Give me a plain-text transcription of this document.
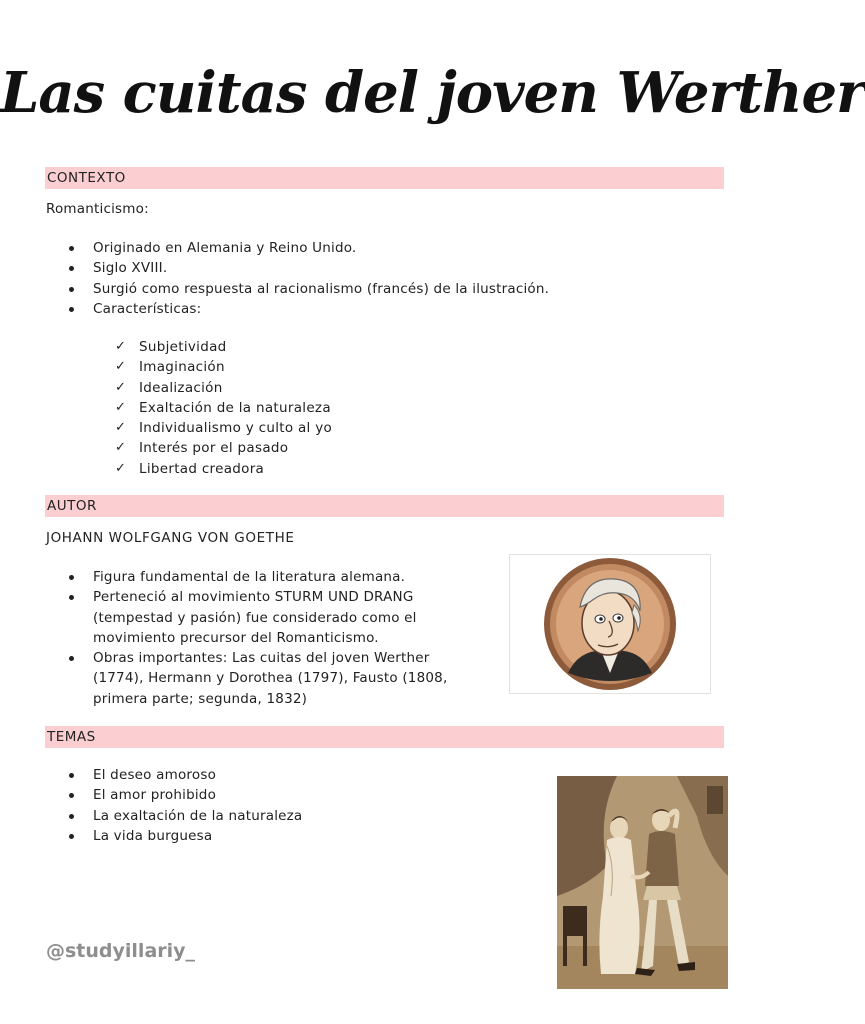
Las cuitas del joven Werther
CONTEXTO
Romanticismo:
Originado en Alemania y Reino Unido.
Siglo XVIII.
Surgió como respuesta al racionalismo (francés) de la ilustración.
Características:
✓ Subjetividad
✓ Imaginación
✓ Idealización
✓ Exaltación de la naturaleza
✓ Individualismo y culto al yo
✓ Interés por el pasado
✓ Libertad creadora
AUTOR
JOHANN WOLFGANG VON GOETHE
Figura fundamental de la literatura alemana.
Perteneció al movimiento STURM UND DRANG
(tempestad y pasión) fue considerado como el
movimiento precursor del Romanticismo.
Obras importantes: Las cuitas del joven Werther
(1774), Hermann y Dorothea (1797), Fausto (1808,
primera parte; segunda, 1832)
TEMAS
El deseo amoroso
El amor prohibido
La exaltación de la naturaleza
La vida burguesa
@studyillariy_
